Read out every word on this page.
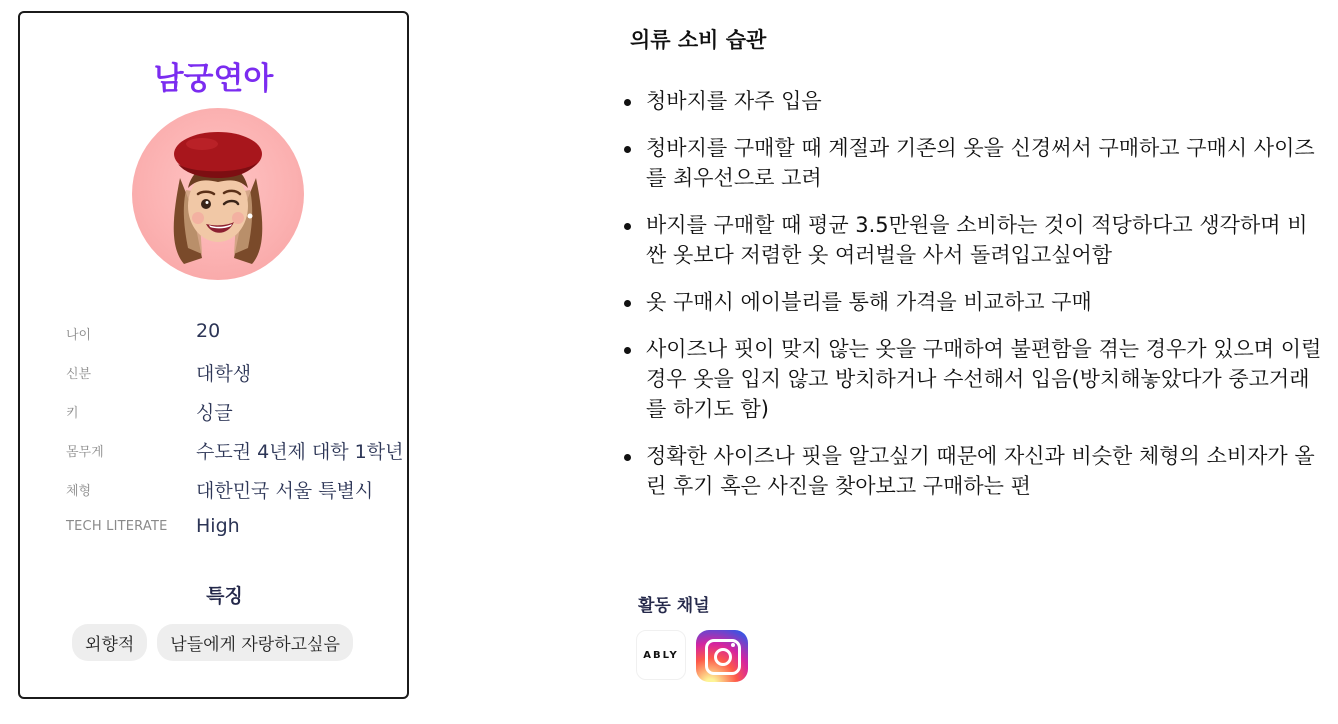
남궁연아
나이	20
신분	대학생
키	싱글
몸무게	수도권 4년제 대학 1학년
체형	대한민국 서울 특별시
TECH LITERATE High
특징
외향적	남들에게 자랑하고싶음
의류 소비 습관
청바지를 자주 입음
청바지를 구매할 때 계절과 기존의 옷을 신경써서 구매하고 구매시 사이즈를 최우선으로 고려
바지를 구매할 때 평균 3.5만원을 소비하는 것이 적당하다고 생각하며 비싼 옷보다 저렴한 옷 여러벌을 사서 돌려입고싶어함
옷 구매시 에이블리를 통해 가격을 비교하고 구매
사이즈나 핏이 맞지 않는 옷을 구매하여 불편함을 겪는 경우가 있으며 이럴경우 옷을 입지 않고 방치하거나 수선해서 입음(방치해놓았다가 중고거래를 하기도 함)
정확한 사이즈나 핏을 알고싶기 때문에 자신과 비슷한 체형의 소비자가 올린 후기 혹은 사진을 찾아보고 구매하는 편
활동 채널
ABLY
